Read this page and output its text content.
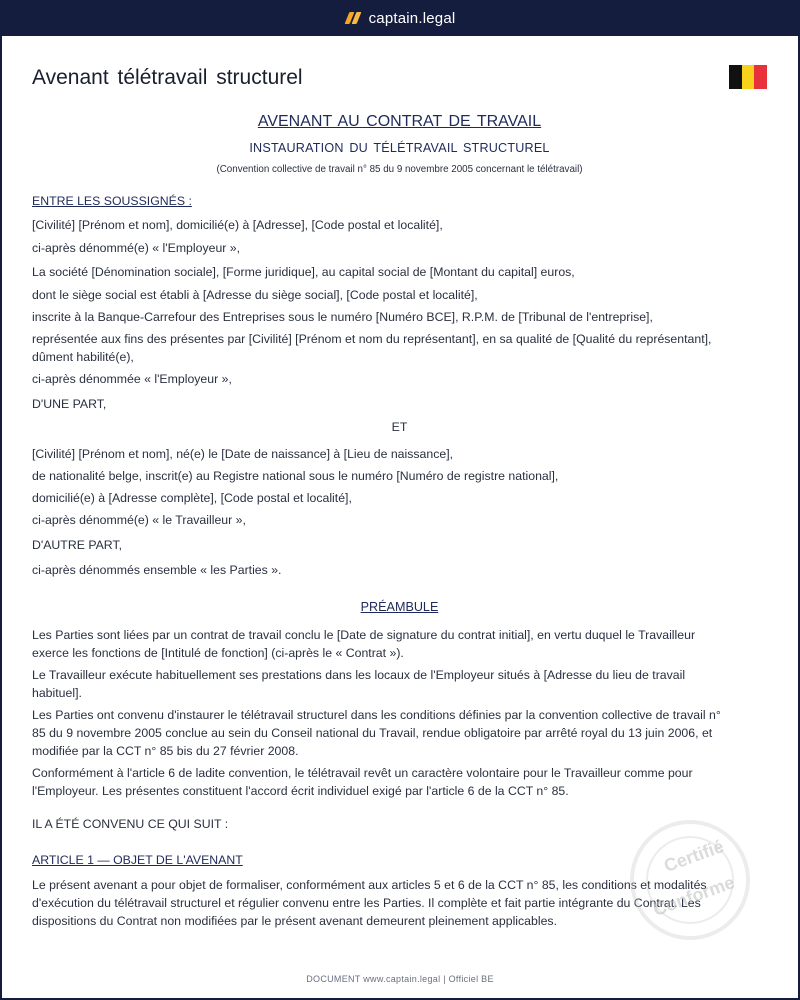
captain.legal
Avenant télétravail structurel
AVENANT AU CONTRAT DE TRAVAIL
INSTAURATION DU TÉLÉTRAVAIL STRUCTUREL
(Convention collective de travail n° 85 du 9 novembre 2005 concernant le télétravail)
ENTRE LES SOUSSIGNÉS :
[Civilité] [Prénom et nom], domicilié(e) à [Adresse], [Code postal et localité],
ci-après dénommé(e) « l'Employeur »,
La société [Dénomination sociale], [Forme juridique], au capital social de [Montant du capital] euros,
dont le siège social est établi à [Adresse du siège social], [Code postal et localité],
inscrite à la Banque-Carrefour des Entreprises sous le numéro [Numéro BCE], R.P.M. de [Tribunal de l'entreprise],
représentée aux fins des présentes par [Civilité] [Prénom et nom du représentant], en sa qualité de [Qualité du représentant], dûment habilité(e),
ci-après dénommée « l'Employeur »,
D'UNE PART,
ET
[Civilité] [Prénom et nom], né(e) le [Date de naissance] à [Lieu de naissance],
de nationalité belge, inscrit(e) au Registre national sous le numéro [Numéro de registre national],
domicilié(e) à [Adresse complète], [Code postal et localité],
ci-après dénommé(e) « le Travailleur »,
D'AUTRE PART,
ci-après dénommés ensemble « les Parties ».
PRÉAMBULE
Les Parties sont liées par un contrat de travail conclu le [Date de signature du contrat initial], en vertu duquel le Travailleur exerce les fonctions de [Intitulé de fonction] (ci-après le « Contrat »).
Le Travailleur exécute habituellement ses prestations dans les locaux de l'Employeur situés à [Adresse du lieu de travail habituel].
Les Parties ont convenu d'instaurer le télétravail structurel dans les conditions définies par la convention collective de travail n° 85 du 9 novembre 2005 conclue au sein du Conseil national du Travail, rendue obligatoire par arrêté royal du 13 juin 2006, et modifiée par la CCT n° 85 bis du 27 février 2008.
Conformément à l'article 6 de ladite convention, le télétravail revêt un caractère volontaire pour le Travailleur comme pour l'Employeur. Les présentes constituent l'accord écrit individuel exigé par l'article 6 de la CCT n° 85.
IL A ÉTÉ CONVENU CE QUI SUIT :
ARTICLE 1 — OBJET DE L'AVENANT
Le présent avenant a pour objet de formaliser, conformément aux articles 5 et 6 de la CCT n° 85, les conditions et modalités d'exécution du télétravail structurel et régulier convenu entre les Parties. Il complète et fait partie intégrante du Contrat. Les dispositions du Contrat non modifiées par le présent avenant demeurent pleinement applicables.
Certifié
Conforme
DOCUMENT www.captain.legal | Officiel BE
